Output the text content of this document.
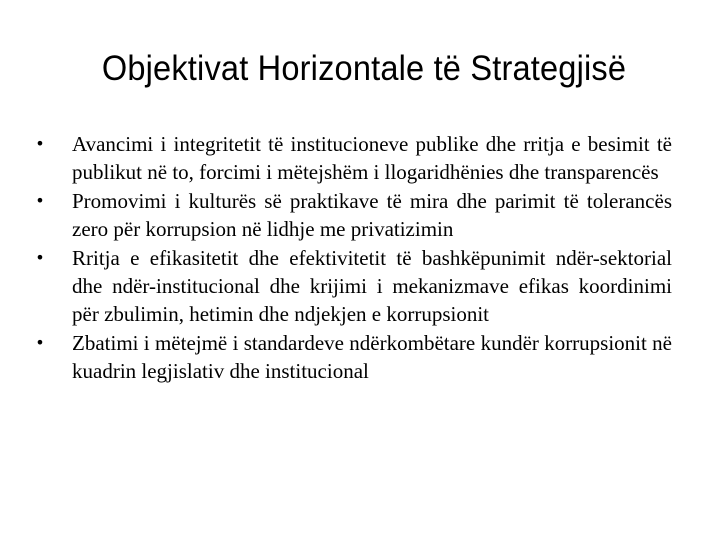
Objektivat Horizontale të Strategjisë
• Avancimi i integritetit të institucioneve publike dhe rritja e besimit të publikut në to, forcimi i mëtejshëm i llogaridhënies dhe transparencës
• Promovimi i kulturës së praktikave të mira dhe parimit të tolerancës zero për korrupsion në lidhje me privatizimin
• Rritja e efikasitetit dhe efektivitetit të bashkëpunimit ndër-sektorial dhe ndër-institucional dhe krijimi i mekanizmave efikas koordinimi për zbulimin, hetimin dhe ndjekjen e korrupsionit
• Zbatimi i mëtejmë i standardeve ndërkombëtare kundër korrupsionit në kuadrin legjislativ dhe institucional
